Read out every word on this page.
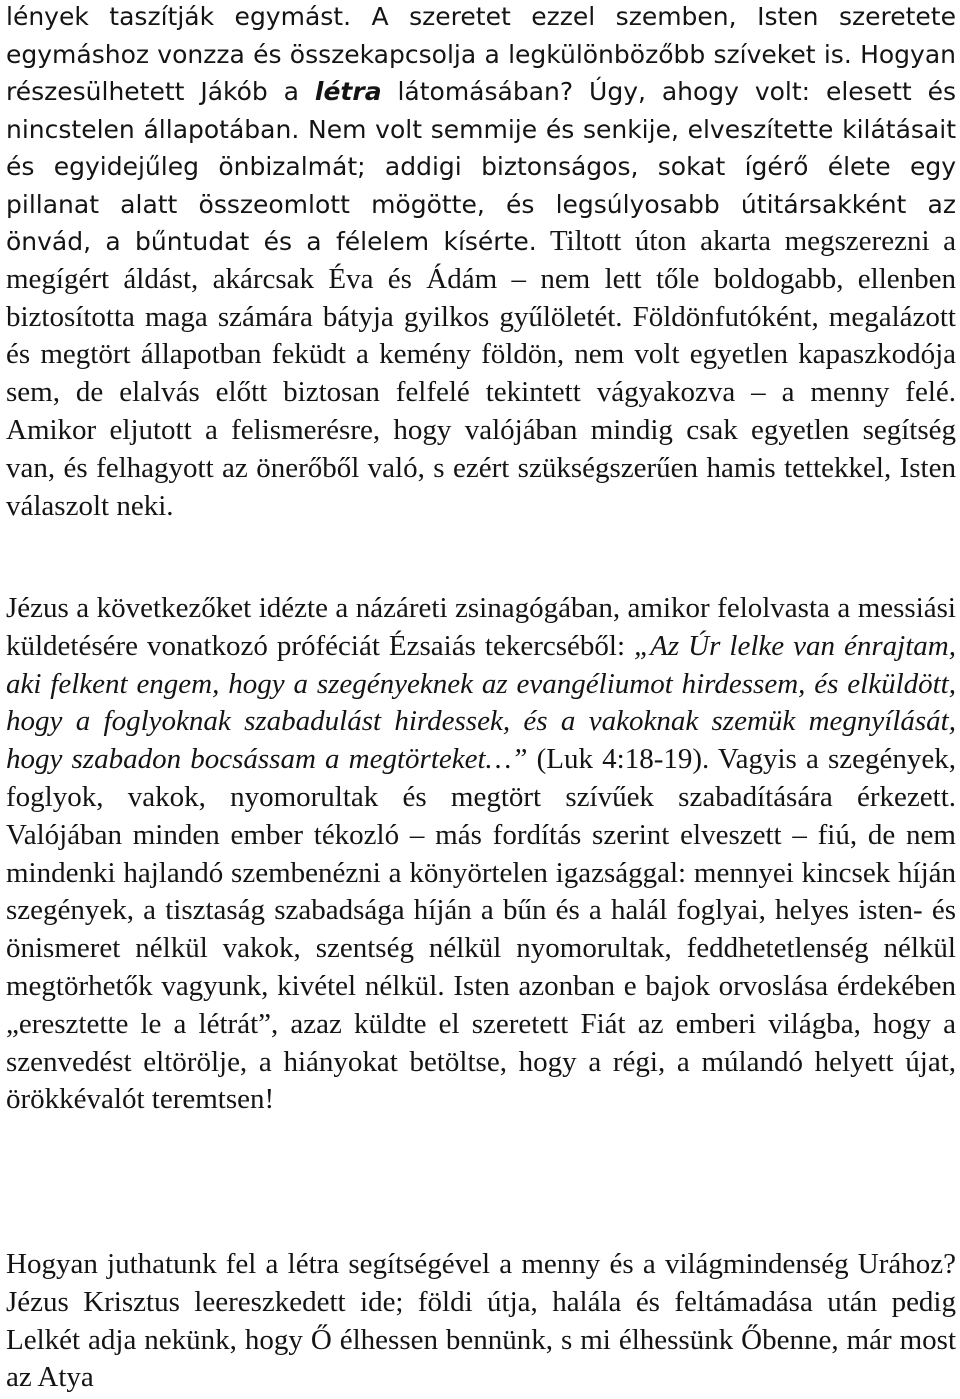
lények taszítják egymást. A szeretet ezzel szemben, Isten szeretete egymáshoz vonzza és összekapcsolja a legkülönbözőbb szíveket is. Hogyan részesülhetett Jákób a létra látomásában? Úgy, ahogy volt: elesett és nincstelen állapotában. Nem volt semmije és senkije, elveszítette kilátásait és egyidejűleg önbizalmát; addigi biztonságos, sokat ígérő élete egy pillanat alatt összeomlott mögötte, és legsúlyosabb útitársakként az önvád, a bűntudat és a félelem kísérte. Tiltott úton akarta megszerezni a megígért áldást, akárcsak Éva és Ádám – nem lett tőle boldogabb, ellenben biztosította maga számára bátyja gyilkos gyűlöletét. Földönfutóként, megalázott és megtört állapotban feküdt a kemény földön, nem volt egyetlen kapaszkodója sem, de elalvás előtt biztosan felfelé tekintett vágyakozva – a menny felé. Amikor eljutott a felismerésre, hogy valójában mindig csak egyetlen segítség van, és felhagyott az önerőből való, s ezért szükségszerűen hamis tettekkel, Isten válaszolt neki.

Jézus a következőket idézte a názáreti zsinagógában, amikor felolvasta a messiási küldetésére vonatkozó próféciát Ézsaiás tekercséből: „Az Úr lelke van énrajtam, aki felkent engem, hogy a szegényeknek az evangéliumot hirdessem, és elküldött, hogy a foglyoknak szabadulást hirdessek, és a vakoknak szemük megnyílását, hogy szabadon bocsássam a megtörteket…” (Luk 4:18-19). Vagyis a szegények, foglyok, vakok, nyomorultak és megtört szívűek szabadítására érkezett. Valójában minden ember tékozló – más fordítás szerint elveszett – fiú, de nem mindenki hajlandó szembenézni a könyörtelen igazsággal: mennyei kincsek híján szegények, a tisztaság szabadsága híján a bűn és a halál foglyai, helyes isten- és önismeret nélkül vakok, szentség nélkül nyomorultak, feddhetetlenség nélkül megtörhetők vagyunk, kivétel nélkül. Isten azonban e bajok orvoslása érdekében „eresztette le a létrát”, azaz küldte el szeretett Fiát az emberi világba, hogy a szenvedést eltörölje, a hiányokat betöltse, hogy a régi, a múlandó helyett újat, örökkévalót teremtsen!

Hogyan juthatunk fel a létra segítségével a menny és a világmindenség Urához? Jézus Krisztus leereszkedett ide; földi útja, halála és feltámadása után pedig Lelkét adja nekünk, hogy Ő élhessen bennünk, s mi élhessünk Őbenne, már most az Atya
